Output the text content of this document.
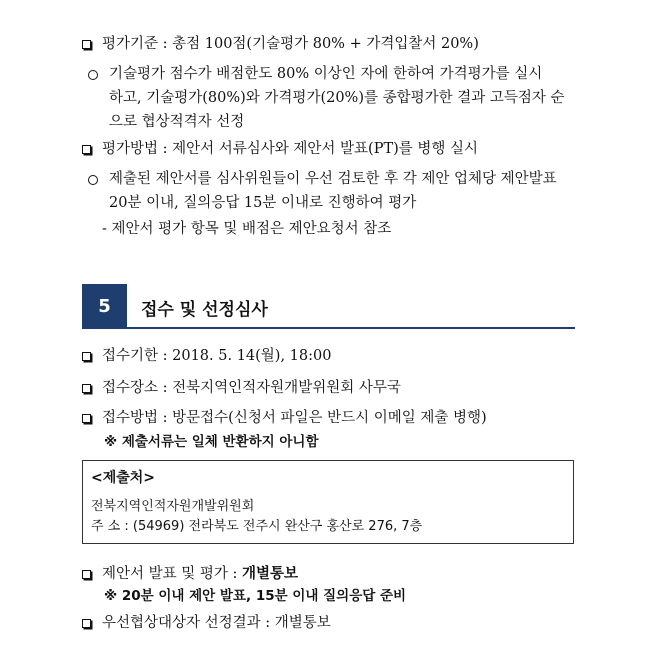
평가기준 : 총점 100점(기술평가 80% + 가격입찰서 20%)
기술평가 점수가 배점한도 80% 이상인 자에 한하여 가격평가를 실시
하고, 기술평가(80%)와 가격평가(20%)를 종합평가한 결과 고득점자 순
으로 협상적격자 선정
평가방법 : 제안서 서류심사와 제안서 발표(PT)를 병행 실시
제출된 제안서를 심사위원들이 우선 검토한 후 각 제안 업체당 제안발표
20분 이내, 질의응답 15분 이내로 진행하여 평가
- 제안서 평가 항목 및 배점은 제안요청서 참조
5	접수 및 선정심사
접수기한 : 2018. 5. 14(월), 18:00
접수장소 : 전북지역인적자원개발위원회 사무국
접수방법 : 방문접수(신청서 파일은 반드시 이메일 제출 병행)
※ 제출서류는 일체 반환하지 아니함
<제출처>
전북지역인적자원개발위원회
주 소 : (54969) 전라북도 전주시 완산구 홍산로 276, 7층
제안서 발표 및 평가 : 개별통보
※ 20분 이내 제안 발표, 15분 이내 질의응답 준비
우선협상대상자 선정결과 : 개별통보
